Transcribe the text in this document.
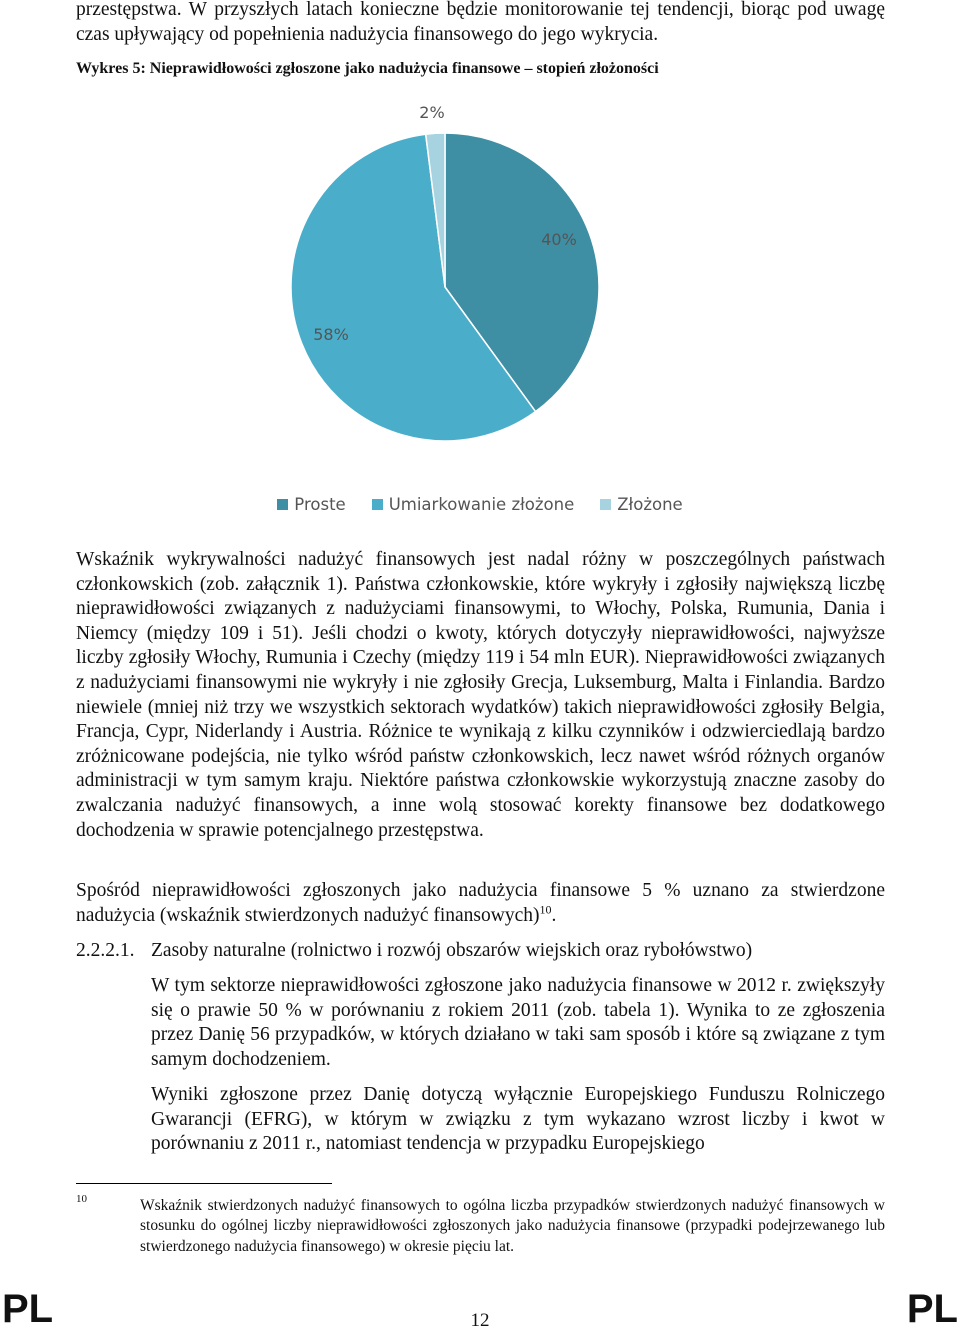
przestępstwa. W przyszłych latach konieczne będzie monitorowanie tej tendencji, biorąc pod uwagę czas upływający od popełnienia nadużycia finansowego do jego wykrycia.
Wykres 5: Nieprawidłowości zgłoszone jako nadużycia finansowe – stopień złożoności
40%
58%
2%
Proste	Umiarkowanie złożone	Złożone
Wskaźnik wykrywalności nadużyć finansowych jest nadal różny w poszczególnych państwach członkowskich (zob. załącznik 1). Państwa członkowskie, które wykryły i zgłosiły największą liczbę nieprawidłowości związanych z nadużyciami finansowymi, to Włochy, Polska, Rumunia, Dania i Niemcy (między 109 i 51). Jeśli chodzi o kwoty, których dotyczyły nieprawidłowości, najwyższe liczby zgłosiły Włochy, Rumunia i Czechy (między 119 i 54 mln EUR). Nieprawidłowości związanych z nadużyciami finansowymi nie wykryły i nie zgłosiły Grecja, Luksemburg, Malta i Finlandia. Bardzo niewiele (mniej niż trzy we wszystkich sektorach wydatków) takich nieprawidłowości zgłosiły Belgia, Francja, Cypr, Niderlandy i Austria. Różnice te wynikają z kilku czynników i odzwierciedlają bardzo zróżnicowane podejścia, nie tylko wśród państw członkowskich, lecz nawet wśród różnych organów administracji w tym samym kraju. Niektóre państwa członkowskie wykorzystują znaczne zasoby do zwalczania nadużyć finansowych, a inne wolą stosować korekty finansowe bez dodatkowego dochodzenia w sprawie potencjalnego przestępstwa.
Spośród nieprawidłowości zgłoszonych jako nadużycia finansowe 5 % uznano za stwierdzone nadużycia (wskaźnik stwierdzonych nadużyć finansowych)$^{10}$.
2.2.2.1. Zasoby naturalne (rolnictwo i rozwój obszarów wiejskich oraz rybołówstwo)
W tym sektorze nieprawidłowości zgłoszone jako nadużycia finansowe w 2012 r. zwiększyły się o prawie 50 % w porównaniu z rokiem 2011 (zob. tabela 1). Wynika to ze zgłoszenia przez Danię 56 przypadków, w których działano w taki sam sposób i które są związane z tym samym dochodzeniem.
Wyniki zgłoszone przez Danię dotyczą wyłącznie Europejskiego Funduszu Rolniczego Gwarancji (EFRG), w którym w związku z tym wykazano wzrost liczby i kwot w porównaniu z 2011 r., natomiast tendencja w przypadku Europejskiego
10	Wskaźnik stwierdzonych nadużyć finansowych to ogólna liczba przypadków stwierdzonych nadużyć finansowych w stosunku do ogólnej liczby nieprawidłowości zgłoszonych jako nadużycia finansowe (przypadki podejrzewanego lub stwierdzonego nadużycia finansowego) w okresie pięciu lat.
PL	12	PL
